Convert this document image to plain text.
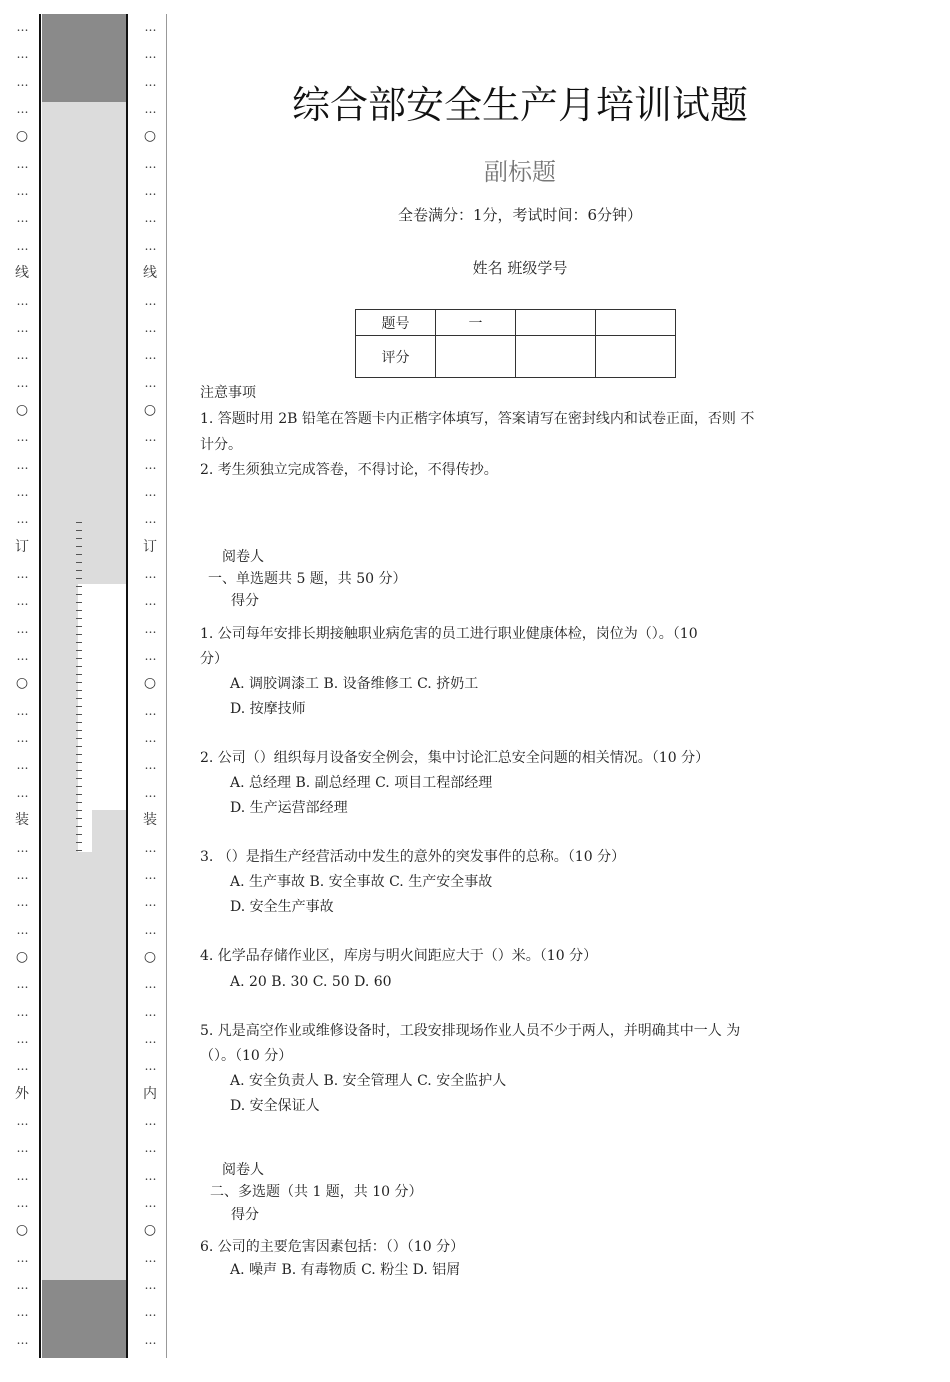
…
…
…
…
○
…
…
…
…
线
…
…
…
…
○
…
…
…
…
订
…
…
…
…
○
…
…
…
…
装
…
…
…
…
○
…
…
…
…
外
…
…
…
…
○
…
…
…
…
…
…
…
…
○
…
…
…
…
线
…
…
…
…
○
…
…
…
…
订
…
…
…
…
○
…
…
…
…
装
…
…
…
…
○
…
…
…
…
内
…
…
…
…
○
…
…
…
…
综合部安全生产月培训试题
副标题
全卷满分：1分，考试时间：6分钟）
姓名 班级学号
题号	一		
评分			
注意事项
1. 答题时用 2B 铅笔在答题卡内正楷字体填写，答案请写在密封线内和试卷正面，否则 不
计分。
2. 考生须独立完成答卷，不得讨论，不得传抄。
阅卷人
一、单选题共 5 题，共 50 分）
得分
1. 公司每年安排长期接触职业病危害的员工进行职业健康体检，岗位为（）。（10
分）
A. 调胶调漆工 B. 设备维修工 C. 挤奶工
D. 按摩技师
2. 公司（）组织每月设备安全例会，集中讨论汇总安全问题的相关情况。（10 分）
A. 总经理 B. 副总经理 C. 项目工程部经理
D. 生产运营部经理
3. （）是指生产经营活动中发生的意外的突发事件的总称。（10 分）
A. 生产事故 B. 安全事故 C. 生产安全事故
D. 安全生产事故
4. 化学品存储作业区，库房与明火间距应大于（）米。（10 分）
A. 20 B. 30 C. 50 D. 60
5. 凡是高空作业或维修设备时，工段安排现场作业人员不少于两人，并明确其中一人 为
（）。（10 分）
A. 安全负责人 B. 安全管理人 C. 安全监护人
D. 安全保证人
阅卷人
二、多选题（共 1 题，共 10 分）
得分
6. 公司的主要危害因素包括：（）（10 分）
A. 噪声 B. 有毒物质 C. 粉尘 D. 铝屑
